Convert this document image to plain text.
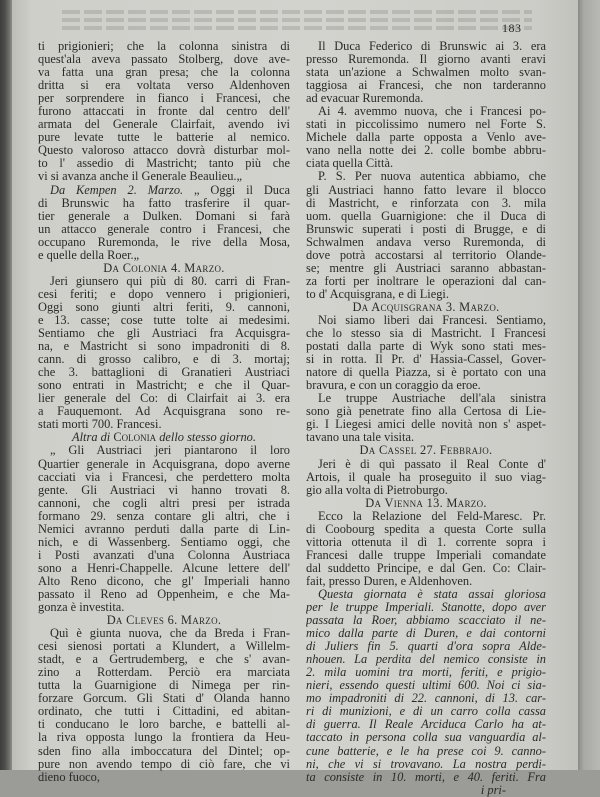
183
ti prigionieri; che la colonna sinistra di
quest'ala aveva passato Stolberg, dove ave-
va fatta una gran presa; che la colonna
dritta si era voltata verso Aldenhoven
per sorprendere in fianco i Francesi, che
furono attaccati in fronte dal centro dell'
armata del Generale Clairfait, avendo ivi
pure levate tutte le batterie al nemico.
Questo valoroso attacco dovrà disturbar mol-
to l' assedio di Mastricht; tanto più che
vi si avanza anche il Generale Beaulieu.„
Da Kempen 2. Marzo. „ Oggi il Duca
di Brunswic ha fatto trasferire il quar-
tier generale a Dulken. Domani si farà
un attacco generale contro i Francesi, che
occupano Ruremonda, le rive della Mosa,
e quelle della Roer.„
Da Colonia 4. Marzo.
Jeri giunsero qui più di 80. carri di Fran-
cesi feriti; e dopo vennero i prigionieri,
Oggi sono giunti altri feriti, 9. cannoni,
e 13. casse; cose tutte tolte ai medesimi.
Sentiamo che gli Austriaci fra Acquisgra-
na, e Mastricht si sono impadroniti di 8.
cann. di grosso calibro, e di 3. mortaj;
che 3. battaglioni di Granatieri Austriaci
sono entrati in Mastricht; e che il Quar-
lier generale del Co: di Clairfait ai 3. era
a Fauquemont. Ad Acquisgrana sono re-
stati morti 700. Francesi.
Altra di Colonia dello stesso giorno.
„ Gli Austriaci jeri piantarono il loro
Quartier generale in Acquisgrana, dopo averne
cacciati via i Francesi, che perdettero molta
gente. Gli Austriaci vi hanno trovati 8.
cannoni, che cogli altri presi per istrada
formano 29. senza contare gli altri, che i
Nemici avranno perduti dalla parte di Lin-
nich, e di Wassenberg. Sentiamo oggi, che
i Posti avanzati d'una Colonna Austriaca
sono a Henri-Chappelle. Alcune lettere dell'
Alto Reno dicono, che gl' Imperiali hanno
passato il Reno ad Oppenheim, e che Ma-
gonza è investita.
Da Cleves 6. Marzo.
Quì è giunta nuova, che da Breda i Fran-
cesi sienosi portati a Klundert, a Willelm-
stadt, e a Gertrudemberg, e che s' avan-
zino a Rotterdam. Perciò era marciata
tutta la Guarnigione di Nimega per rin-
forzare Gorcum. Gli Stati d' Olanda hanno
ordinato, che tutti i Cittadini, ed abitan-
ti conducano le loro barche, e battelli al-
la riva opposta lungo la frontiera da Heu-
sden fino alla imboccatura del Dintel; op-
pure non avendo tempo di ciò fare, che vi
dieno fuoco,
Il Duca Federico di Brunswic ai 3. era
presso Ruremonda. Il giorno avanti eravi
stata un'azione a Schwalmen molto svan-
taggiosa ai Francesi, che non tarderanno
ad evacuar Ruremonda.
Ai 4. avemmo nuova, che i Francesi po-
stati in piccolissimo numero nel Forte S.
Michele dalla parte opposta a Venlo ave-
vano nella notte dei 2. colle bombe abbru-
ciata quella Città.
P. S. Per nuova autentica abbiamo, che
gli Austriaci hanno fatto levare il blocco
di Mastricht, e rinforzata con 3. mila
uom. quella Guarnigione: che il Duca di
Brunswic superati i posti di Brugge, e di
Schwalmen andava verso Ruremonda, di
dove potrà accostarsi al territorio Olande-
se; mentre gli Austriaci saranno abbastan-
za forti per inoltrare le operazioni dal can-
to d' Acquisgrana, e di Liegi.
Da Acquisgrana 3. Marzo.
Noi siamo liberi dai Francesi. Sentiamo,
che lo stesso sia di Mastricht. I Francesi
postati dalla parte di Wyk sono stati mes-
si in rotta. Il Pr. d' Hassia-Cassel, Gover-
natore di quella Piazza, si è portato con una
bravura, e con un coraggio da eroe.
Le truppe Austriache dell'ala sinistra
sono già penetrate fino alla Certosa di Lie-
gi. I Liegesi amici delle novità non s' aspet-
tavano una tale visita.
Da Cassel 27. Febbrajo.
Jeri è di quì passato il Real Conte d'
Artois, il quale ha proseguito il suo viag-
gio alla volta di Pietroburgo.
Da Vienna 13. Marzo.
Ecco la Relazione del Feld-Maresc. Pr.
di Coobourg spedita a questa Corte sulla
vittoria ottenuta il dì 1. corrente sopra i
Francesi dalle truppe Imperiali comandate
dal suddetto Principe, e dal Gen. Co: Clair-
fait, presso Duren, e Aldenhoven.
Questa giornata è stata assai gloriosa
per le truppe Imperiali. Stanotte, dopo aver
passata la Roer, abbiamo scacciato il ne-
mico dalla parte di Duren, e dai contorni
di Juliers fin 5. quarti d'ora sopra Alde-
nhouen. La perdita del nemico consiste in
2. mila uomini tra morti, feriti, e prigio-
nieri, essendo questi ultimi 600. Noi ci sia-
mo impadroniti di 22. cannoni, di 13. car-
ri di munizioni, e di un carro colla cassa
di guerra. Il Reale Arciduca Carlo ha at-
taccato in persona colla sua vanguardia al-
cune batterie, e le ha prese coi 9. canno-
ni, che vi si trovavano. La nostra perdi-
ta consiste in 10. morti, e 40. feriti. Fra
i pri-
